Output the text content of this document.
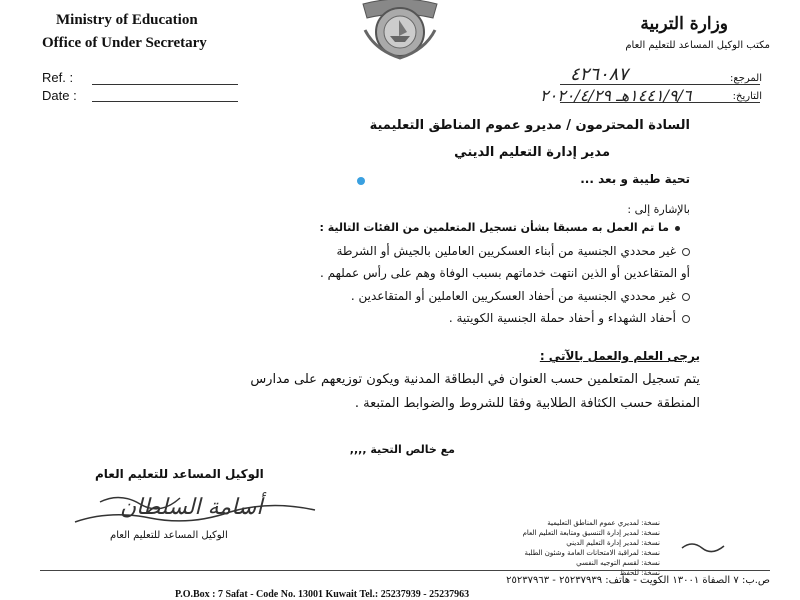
Ministry of Education
Office of Under Secretary
وزارة التربية
مكتب الوكيل المساعد للتعليم العام
Ref. :
Date :
المرجع:
٤٢٦٠٨٧
التاريخ:
١٤٤١/٩/٦هـ ٢٠٢٠/٤/٢٩
السادة المحترمون / مديرو عموم المناطق التعليمية
مدير إدارة التعليم الديني
تحية طيبة و بعد ...
بالإشارة إلى :
ما تم العمل به مسبقا بشأن تسجيل المتعلمين من الفئات التالية :
غير محددي الجنسية من أبناء العسكريين العاملين بالجيش أو الشرطة
أو المتقاعدين أو الذين انتهت خدماتهم بسبب الوفاة وهم على رأس عملهم .
غير محددي الجنسية من أحفاد العسكريين العاملين أو المتقاعدين .
أحفاد الشهداء و أحفاد حملة الجنسية الكويتية .
يرجى العلم والعمل بالآتي :
يتم تسجيل المتعلمين حسب العنوان في البطاقة المدنية ويكون توزيعهم على مدارس
المنطقة حسب الكثافة الطلابية وفقا للشروط والضوابط المتبعة .
مع خالص التحية ,,,,
الوكيل المساعد للتعليم العام
أسامة السلطان
الوكيل المساعد للتعليم العام
نسخة: لمديري عموم المناطق التعليمية
نسخة: لمدير إدارة التنسيق ومتابعة التعليم العام
نسخة: لمدير إدارة التعليم الديني
نسخة: لمراقبة الامتحانات العامة وشئون الطلبة
نسخة: لقسم التوجيه النفسي
نسخة: للحفظ
ص.ب: ٧ الصفاة ١٣٠٠١ الكويت - هاتف: ٢٥٢٣٧٩٣٩ - ٢٥٢٣٧٩٦٣
P.O.Box : 7 Safat - Code No. 13001 Kuwait Tel.: 25237939 - 25237963
